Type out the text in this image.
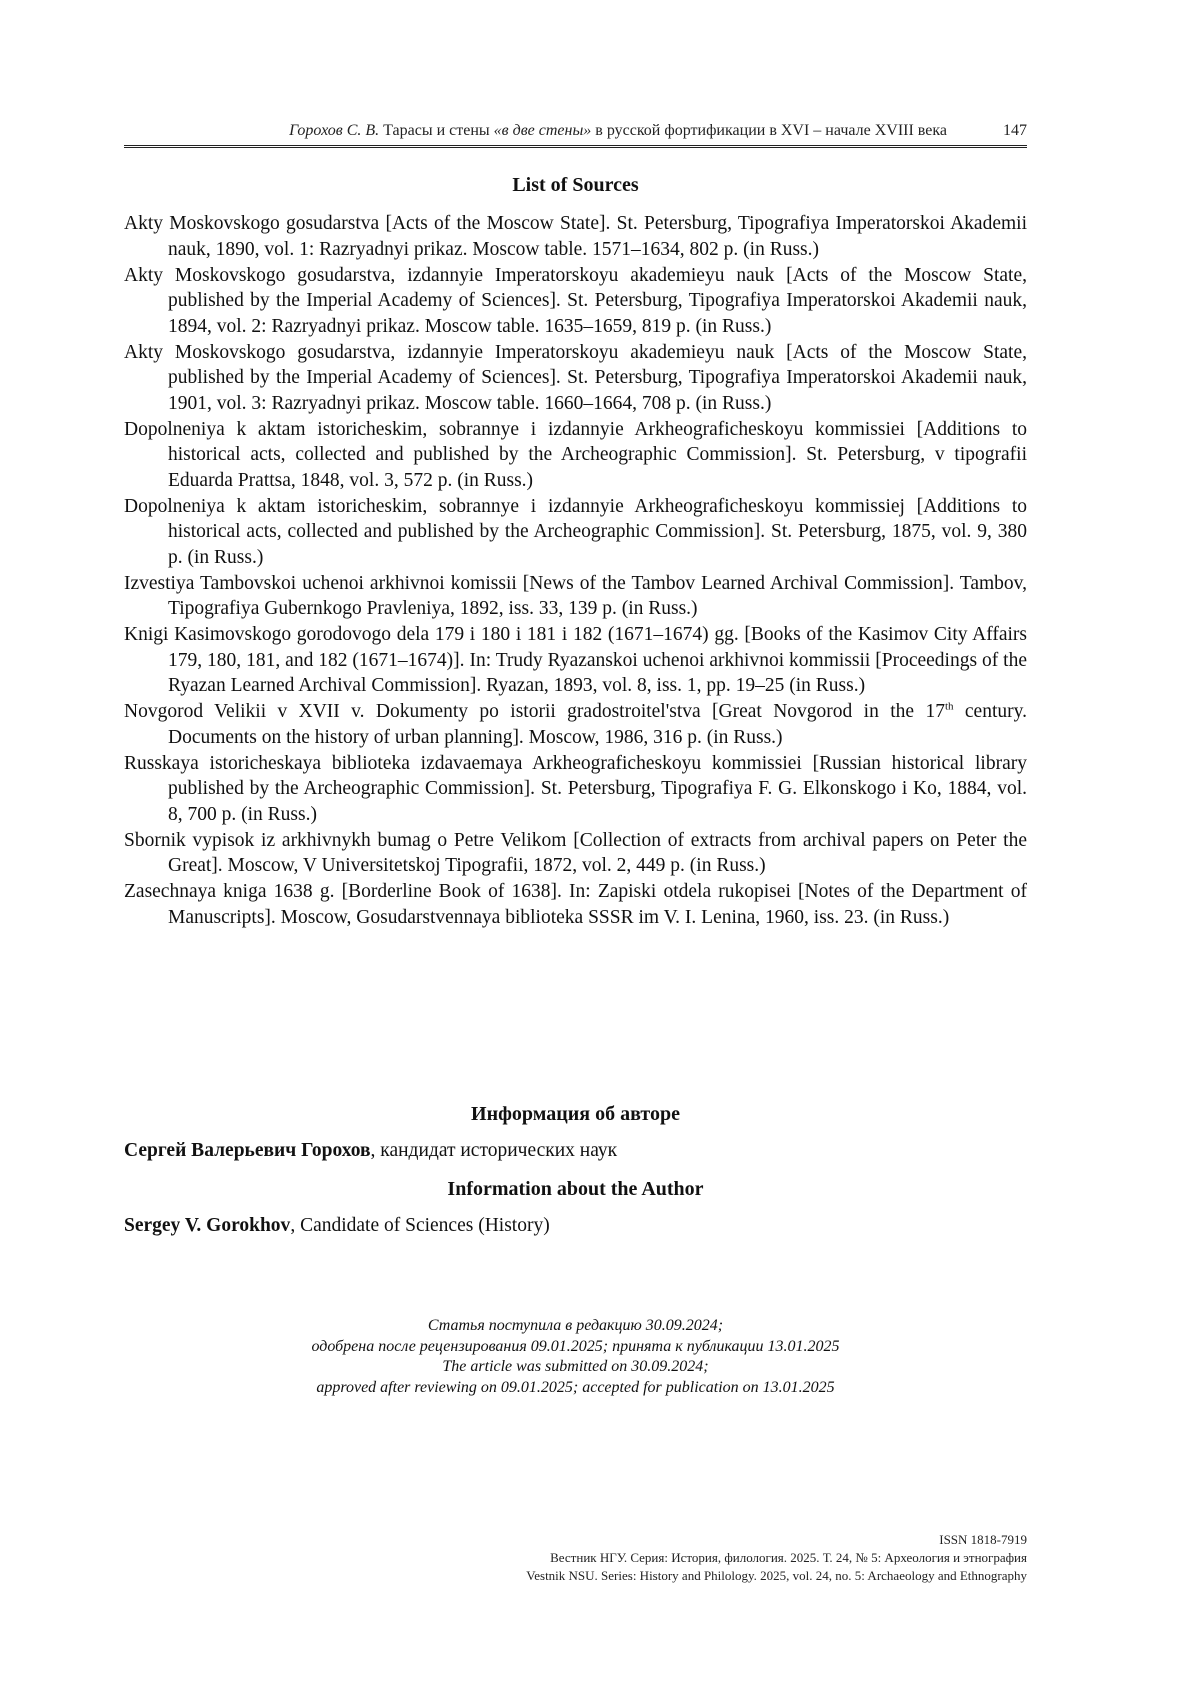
Горохов С. В. Тарасы и стены «в две стены» в русской фортификации в XVI – начале XVIII века	147
List of Sources
Akty Moskovskogo gosudarstva [Acts of the Moscow State]. St. Petersburg, Tipografiya Imperatorskoi Akademii nauk, 1890, vol. 1: Razryadnyi prikaz. Moscow table. 1571–1634, 802 p. (in Russ.)
Akty Moskovskogo gosudarstva, izdannyie Imperatorskoyu akademieyu nauk [Acts of the Moscow State, published by the Imperial Academy of Sciences]. St. Petersburg, Tipografiya Imperatorskoi Akademii nauk, 1894, vol. 2: Razryadnyi prikaz. Moscow table. 1635–1659, 819 p. (in Russ.)
Akty Moskovskogo gosudarstva, izdannyie Imperatorskoyu akademieyu nauk [Acts of the Moscow State, published by the Imperial Academy of Sciences]. St. Petersburg, Tipografiya Imperatorskoi Akademii nauk, 1901, vol. 3: Razryadnyi prikaz. Moscow table. 1660–1664, 708 p. (in Russ.)
Dopolneniya k aktam istoricheskim, sobrannye i izdannyie Arkheograficheskoyu kommissiei [Additions to historical acts, collected and published by the Archeographic Commission]. St. Petersburg, v tipografii Eduarda Prattsa, 1848, vol. 3, 572 p. (in Russ.)
Dopolneniya k aktam istoricheskim, sobrannye i izdannyie Arkheograficheskoyu kommissiej [Additions to historical acts, collected and published by the Archeographic Commission]. St. Petersburg, 1875, vol. 9, 380 p. (in Russ.)
Izvestiya Tambovskoi uchenoi arkhivnoi komissii [News of the Tambov Learned Archival Commission]. Tambov, Tipografiya Gubernkogo Pravleniya, 1892, iss. 33, 139 p. (in Russ.)
Knigi Kasimovskogo gorodovogo dela 179 i 180 i 181 i 182 (1671–1674) gg. [Books of the Kasimov City Affairs 179, 180, 181, and 182 (1671–1674)]. In: Trudy Ryazanskoi uchenoi arkhivnoi kommissii [Proceedings of the Ryazan Learned Archival Commission]. Ryazan, 1893, vol. 8, iss. 1, pp. 19–25 (in Russ.)
Novgorod Velikii v XVII v. Dokumenty po istorii gradostroitel'stva [Great Novgorod in the 17th century. Documents on the history of urban planning]. Moscow, 1986, 316 p. (in Russ.)
Russkaya istoricheskaya biblioteka izdavaemaya Arkheograficheskoyu kommissiei [Russian historical library published by the Archeographic Commission]. St. Petersburg, Tipografiya F. G. Elkonskogo i Ko, 1884, vol. 8, 700 p. (in Russ.)
Sbornik vypisok iz arkhivnykh bumag o Petre Velikom [Collection of extracts from archival papers on Peter the Great]. Moscow, V Universitetskoj Tipografii, 1872, vol. 2, 449 p. (in Russ.)
Zasechnaya kniga 1638 g. [Borderline Book of 1638]. In: Zapiski otdela rukopisei [Notes of the Department of Manuscripts]. Moscow, Gosudarstvennaya biblioteka SSSR im V. I. Lenina, 1960, iss. 23. (in Russ.)
Информация об авторе
Сергей Валерьевич Горохов, кандидат исторических наук
Information about the Author
Sergey V. Gorokhov, Candidate of Sciences (History)
Статья поступила в редакцию 30.09.2024;
одобрена после рецензирования 09.01.2025; принята к публикации 13.01.2025
The article was submitted on 30.09.2024;
approved after reviewing on 09.01.2025; accepted for publication on 13.01.2025
ISSN 1818-7919
Вестник НГУ. Серия: История, филология. 2025. Т. 24, № 5: Археология и этнография
Vestnik NSU. Series: History and Philology. 2025, vol. 24, no. 5: Archaeology and Ethnography
